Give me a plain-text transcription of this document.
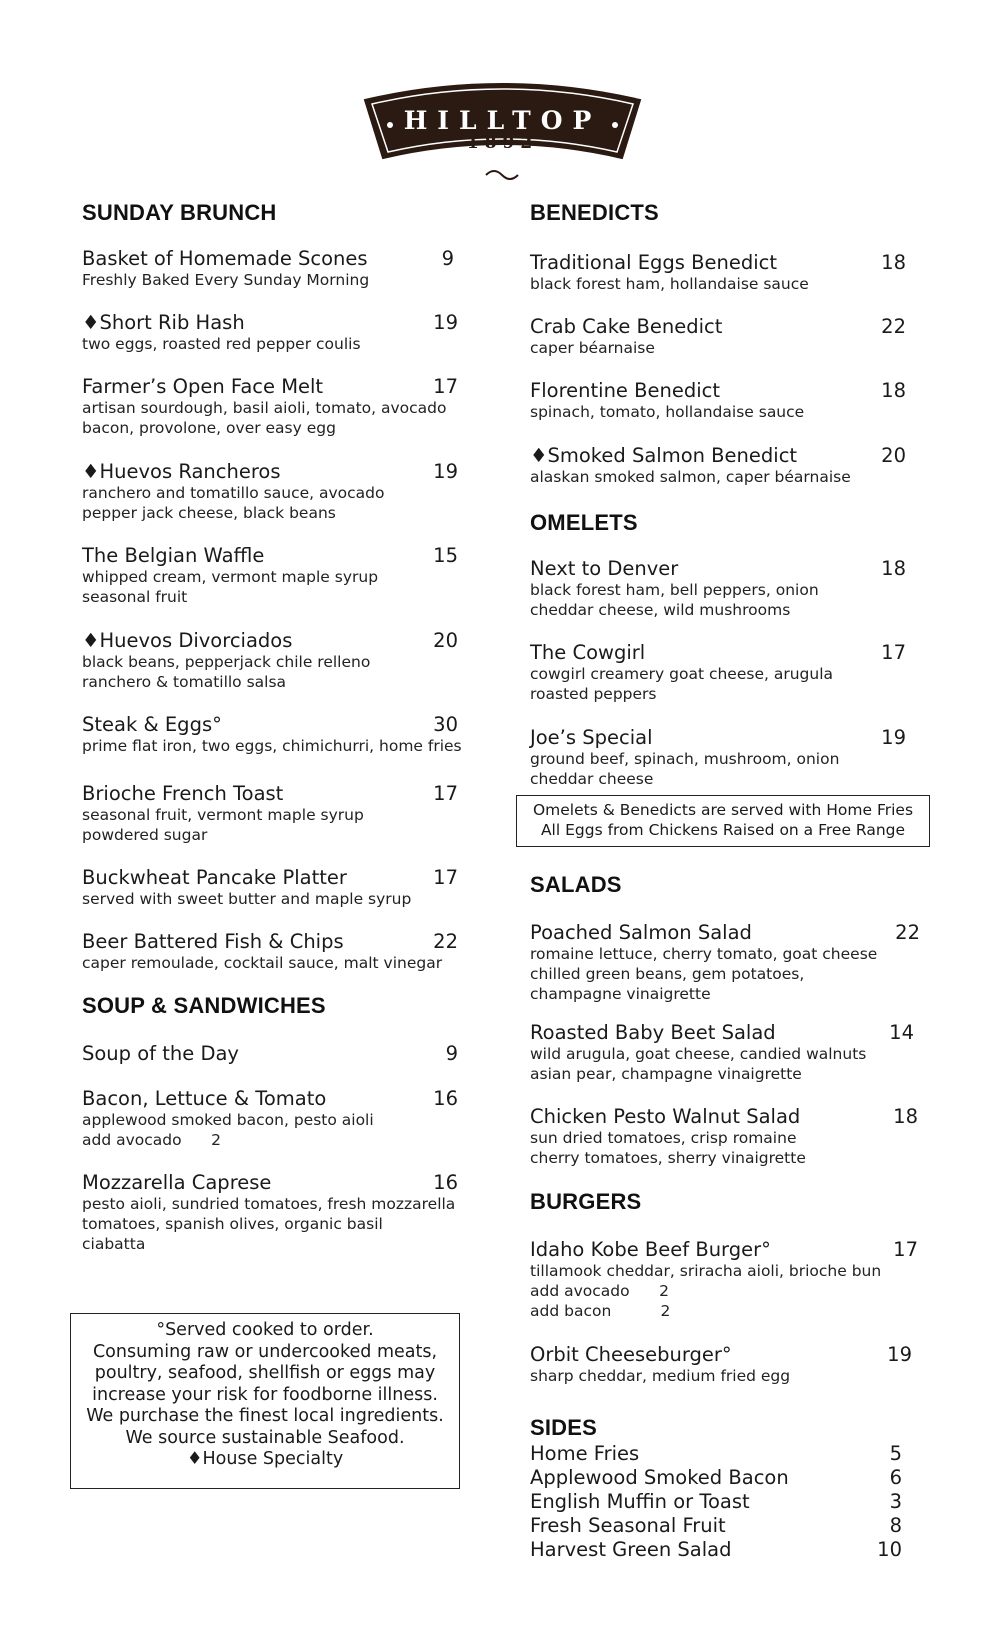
HILLTOP
1892
SUNDAY BRUNCH
Basket of Homemade Scones	9
Freshly Baked Every Sunday Morning
♦Short Rib Hash	19
two eggs, roasted red pepper coulis
Farmer’s Open Face Melt	17
artisan sourdough, basil aioli, tomato, avocado
bacon, provolone, over easy egg
♦Huevos Rancheros	19
ranchero and tomatillo sauce, avocado
pepper jack cheese, black beans
The Belgian Waffle	15
whipped cream, vermont maple syrup
seasonal fruit
♦Huevos Divorciados	20
black beans, pepperjack chile relleno
ranchero & tomatillo salsa
Steak & Eggs°	30
prime flat iron, two eggs, chimichurri, home fries
Brioche French Toast	17
seasonal fruit, vermont maple syrup
powdered sugar
Buckwheat Pancake Platter	17
served with sweet butter and maple syrup
Beer Battered Fish & Chips	22
caper remoulade, cocktail sauce, malt vinegar
SOUP & SANDWICHES
Soup of the Day	9
Bacon, Lettuce & Tomato	16
applewood smoked bacon, pesto aioli
add avocado      2
Mozzarella Caprese	16
pesto aioli, sundried tomatoes, fresh mozzarella
tomatoes, spanish olives, organic basil
ciabatta
°Served cooked to order.
Consuming raw or undercooked meats,
poultry, seafood, shellfish or eggs may
increase your risk for foodborne illness.
We purchase the finest local ingredients.
We source sustainable Seafood.
♦House Specialty
BENEDICTS
Traditional Eggs Benedict	18
black forest ham, hollandaise sauce
Crab Cake Benedict	22
caper béarnaise
Florentine Benedict	18
spinach, tomato, hollandaise sauce
♦Smoked Salmon Benedict	20
alaskan smoked salmon, caper béarnaise
OMELETS
Next to Denver	18
black forest ham, bell peppers, onion
cheddar cheese, wild mushrooms
The Cowgirl	17
cowgirl creamery goat cheese, arugula
roasted peppers
Joe’s Special	19
ground beef, spinach, mushroom, onion
cheddar cheese
SALADS
Poached Salmon Salad	22
romaine lettuce, cherry tomato, goat cheese
chilled green beans, gem potatoes,
champagne vinaigrette
Roasted Baby Beet Salad	14
wild arugula, goat cheese, candied walnuts
asian pear, champagne vinaigrette
Chicken Pesto Walnut Salad	18
sun dried tomatoes, crisp romaine
cherry tomatoes, sherry vinaigrette
BURGERS
Idaho Kobe Beef Burger°	17
tillamook cheddar, sriracha aioli, brioche bun
add avocado      2
add bacon          2
Orbit Cheeseburger°	19
sharp cheddar, medium fried egg
SIDES
Home Fries	5
Applewood Smoked Bacon	6
English Muffin or Toast	3
Fresh Seasonal Fruit	8
Harvest Green Salad	10
Omelets & Benedicts are served with Home Fries
All Eggs from Chickens Raised on a Free Range
